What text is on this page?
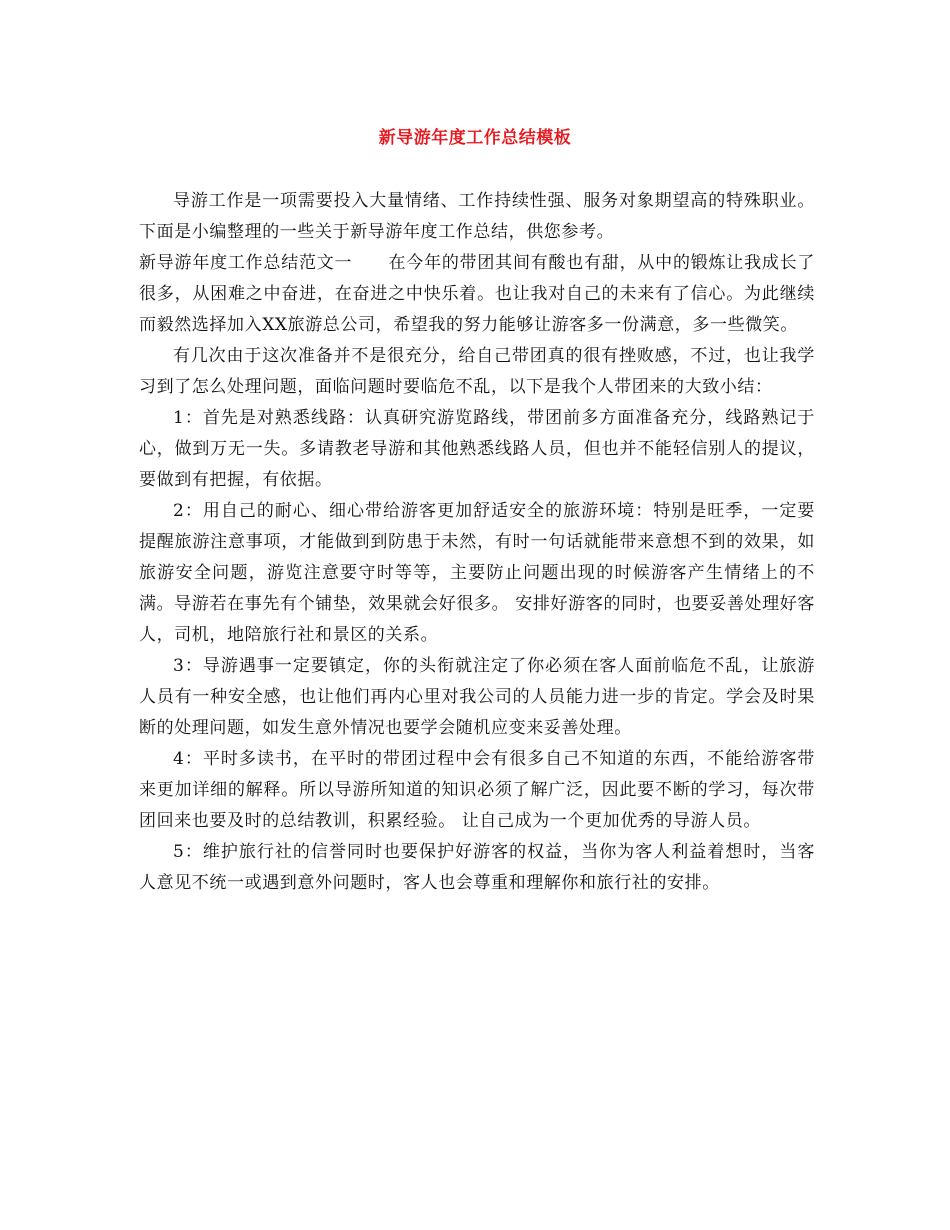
新导游年度工作总结模板

导游工作是一项需要投入大量情绪、工作持续性强、服务对象期望高的特殊职业。下面是小编整理的一些关于新导游年度工作总结，供您参考。

新导游年度工作总结范文一 在今年的带团其间有酸也有甜，从中的锻炼让我成长了很多，从困难之中奋进，在奋进之中快乐着。也让我对自己的未来有了信心。为此继续而毅然选择加入XX旅游总公司，希望我的努力能够让游客多一份满意，多一些微笑。

有几次由于这次准备并不是很充分，给自己带团真的很有挫败感，不过，也让我学习到了怎么处理问题，面临问题时要临危不乱，以下是我个人带团来的大致小结：

1：首先是对熟悉线路：认真研究游览路线，带团前多方面准备充分，线路熟记于心，做到万无一失。多请教老导游和其他熟悉线路人员，但也并不能轻信别人的提议，要做到有把握，有依据。

2：用自己的耐心、细心带给游客更加舒适安全的旅游环境：特别是旺季，一定要提醒旅游注意事项，才能做到到防患于未然，有时一句话就能带来意想不到的效果，如旅游安全问题，游览注意要守时等等，主要防止问题出现的时候游客产生情绪上的不满。导游若在事先有个铺垫，效果就会好很多。 安排好游客的同时，也要妥善处理好客人，司机，地陪旅行社和景区的关系。

3：导游遇事一定要镇定，你的头衔就注定了你必须在客人面前临危不乱，让旅游人员有一种安全感，也让他们再内心里对我公司的人员能力进一步的肯定。学会及时果断的处理问题，如发生意外情况也要学会随机应变来妥善处理。

4：平时多读书，在平时的带团过程中会有很多自己不知道的东西，不能给游客带来更加详细的解释。所以导游所知道的知识必须了解广泛，因此要不断的学习，每次带团回来也要及时的总结教训，积累经验。 让自己成为一个更加优秀的导游人员。

5：维护旅行社的信誉同时也要保护好游客的权益，当你为客人利益着想时，当客人意见不统一或遇到意外问题时，客人也会尊重和理解你和旅行社的安排。
